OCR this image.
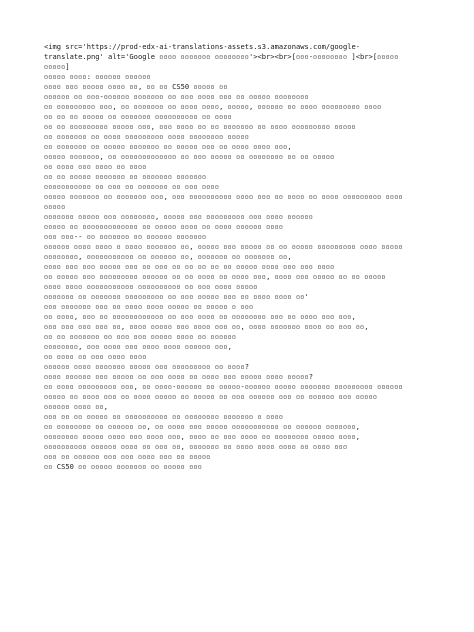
<img src='https://prod-edx-ai-translations-assets.s3.amazonaws.com/google-
translate.png' alt='Google ▫▫▫▫ ▫▫▫▫▫▫▫ ▫▫▫▫▫▫▫▫'><br><br>[▫▫▫-▫▫▫▫▫▫▫▫ ]<br>[▫▫▫▫▫
▫▫▫▫▫]
▫▫▫▫▫ ▫▫▫▫: ▫▫▫▫▫▫ ▫▫▫▫▫▫
▫▫▫▫ ▫▫▫ ▫▫▫▫▫ ▫▫▫▫ ▫▫, ▫▫ ▫▫ CS50 ▫▫▫▫▫ ▫▫
▫▫▫▫▫▫ ▫▫ ▫▫▫-▫▫▫▫▫▫ ▫▫▫▫▫▫▫ ▫▫ ▫▫▫ ▫▫▫▫ ▫▫▫ ▫▫ ▫▫▫▫▫ ▫▫▫▫▫▫▫▫
▫▫ ▫▫▫▫▫▫▫▫▫ ▫▫▫, ▫▫ ▫▫▫▫▫▫▫ ▫▫ ▫▫▫▫ ▫▫▫▫, ▫▫▫▫▫, ▫▫▫▫▫▫ ▫▫ ▫▫▫▫ ▫▫▫▫▫▫▫▫▫ ▫▫▫▫
▫▫ ▫▫ ▫▫ ▫▫▫▫▫ ▫▫ ▫▫▫▫▫▫▫ ▫▫▫▫▫▫▫▫▫▫ ▫▫ ▫▫▫▫
▫▫ ▫▫ ▫▫▫▫▫▫▫▫▫ ▫▫▫▫▫ ▫▫▫, ▫▫▫ ▫▫▫▫ ▫▫ ▫▫ ▫▫▫▫▫▫▫ ▫▫ ▫▫▫▫ ▫▫▫▫▫▫▫▫▫ ▫▫▫▫▫
▫▫ ▫▫▫▫▫▫▫ ▫▫ ▫▫▫▫ ▫▫▫▫▫▫▫▫▫ ▫▫▫▫ ▫▫▫▫▫▫▫▫ ▫▫▫▫▫
▫▫ ▫▫▫▫▫▫▫ ▫▫ ▫▫▫▫▫ ▫▫▫▫▫▫▫ ▫▫ ▫▫▫▫▫ ▫▫▫ ▫▫ ▫▫▫▫ ▫▫▫▫ ▫▫▫,
▫▫▫▫▫ ▫▫▫▫▫▫▫, ▫▫ ▫▫▫▫▫▫▫▫▫▫▫▫▫ ▫▫ ▫▫▫ ▫▫▫▫▫ ▫▫ ▫▫▫▫▫▫▫▫ ▫▫ ▫▫ ▫▫▫▫▫
▫▫ ▫▫▫▫ ▫▫▫ ▫▫▫▫ ▫▫ ▫▫▫▫
▫▫ ▫▫ ▫▫▫▫▫ ▫▫▫▫▫▫▫ ▫▫ ▫▫▫▫▫▫▫ ▫▫▫▫▫▫▫
▫▫▫▫▫▫▫▫▫▫▫ ▫▫ ▫▫▫ ▫▫ ▫▫▫▫▫▫▫ ▫▫ ▫▫▫ ▫▫▫▫
▫▫▫▫▫ ▫▫▫▫▫▫▫ ▫▫ ▫▫▫▫▫▫▫ ▫▫▫, ▫▫▫ ▫▫▫▫▫▫▫▫▫▫ ▫▫▫▫ ▫▫▫ ▫▫ ▫▫▫▫ ▫▫ ▫▫▫▫ ▫▫▫▫▫▫▫▫▫ ▫▫▫▫
▫▫▫▫▫
▫▫▫▫▫▫▫ ▫▫▫▫▫ ▫▫▫ ▫▫▫▫▫▫▫▫, ▫▫▫▫▫ ▫▫▫ ▫▫▫▫▫▫▫▫▫ ▫▫▫ ▫▫▫▫ ▫▫▫▫▫▫
▫▫▫▫▫ ▫▫ ▫▫▫▫▫▫▫▫▫▫▫▫▫ ▫▫ ▫▫▫▫▫ ▫▫▫▫ ▫▫ ▫▫▫▫ ▫▫▫▫▫▫ ▫▫▫▫
▫▫▫ ▫▫▫-- ▫▫ ▫▫▫▫▫▫▫ ▫▫ ▫▫▫▫▫▫ ▫▫▫▫▫▫▫
▫▫▫▫▫▫ ▫▫▫▫ ▫▫▫▫ ▫ ▫▫▫▫ ▫▫▫▫▫▫▫ ▫▫, ▫▫▫▫▫ ▫▫▫ ▫▫▫▫▫ ▫▫ ▫▫ ▫▫▫▫▫ ▫▫▫▫▫▫▫▫▫ ▫▫▫▫ ▫▫▫▫▫
▫▫▫▫▫▫▫▫, ▫▫▫▫▫▫▫▫▫▫▫ ▫▫ ▫▫▫▫▫▫ ▫▫, ▫▫▫▫▫▫▫ ▫▫ ▫▫▫▫▫▫▫ ▫▫,
▫▫▫▫ ▫▫▫ ▫▫▫ ▫▫▫▫▫ ▫▫▫ ▫▫ ▫▫▫ ▫▫ ▫▫ ▫▫ ▫▫ ▫▫ ▫▫▫▫▫ ▫▫▫▫ ▫▫▫ ▫▫▫ ▫▫▫▫
▫▫ ▫▫▫▫▫ ▫▫▫ ▫▫▫▫▫▫▫▫▫ ▫▫▫▫▫▫ ▫▫ ▫▫ ▫▫▫▫ ▫▫ ▫▫▫▫ ▫▫▫, ▫▫▫▫ ▫▫▫ ▫▫▫▫▫ ▫▫ ▫▫ ▫▫▫▫▫
▫▫▫▫ ▫▫▫▫ ▫▫▫▫▫▫▫▫▫▫▫ ▫▫▫▫▫▫▫▫▫▫ ▫▫ ▫▫▫ ▫▫▫▫ ▫▫▫▫▫
▫▫▫▫▫▫▫ ▫▫ ▫▫▫▫▫▫▫ ▫▫▫▫▫▫▫▫▫ ▫▫ ▫▫▫ ▫▫▫▫▫ ▫▫▫ ▫▫ ▫▫▫▫ ▫▫▫▫ ▫▫'
▫▫▫ ▫▫▫▫▫▫▫ ▫▫▫ ▫▫ ▫▫▫▫ ▫▫▫▫ ▫▫▫▫▫ ▫▫ ▫▫▫▫▫ ▫ ▫▫▫
▫▫ ▫▫▫▫, ▫▫▫ ▫▫ ▫▫▫▫▫▫▫▫▫▫▫▫ ▫▫ ▫▫▫ ▫▫▫▫ ▫▫ ▫▫▫▫▫▫▫▫ ▫▫▫ ▫▫ ▫▫▫▫ ▫▫▫ ▫▫▫,
▫▫▫ ▫▫▫ ▫▫▫ ▫▫▫ ▫▫, ▫▫▫▫ ▫▫▫▫▫ ▫▫▫ ▫▫▫▫ ▫▫▫ ▫▫, ▫▫▫▫ ▫▫▫▫▫▫▫ ▫▫▫▫ ▫▫ ▫▫▫ ▫▫,
▫▫ ▫▫ ▫▫▫▫▫▫▫ ▫▫ ▫▫▫ ▫▫▫ ▫▫▫▫▫ ▫▫▫▫ ▫▫ ▫▫▫▫▫▫
▫▫▫▫▫▫▫▫, ▫▫▫ ▫▫▫▫ ▫▫▫ ▫▫▫▫ ▫▫▫▫ ▫▫▫▫▫▫ ▫▫▫,
▫▫ ▫▫▫▫ ▫▫ ▫▫▫ ▫▫▫▫ ▫▫▫▫
▫▫▫▫▫▫ ▫▫▫▫ ▫▫▫▫▫▫▫ ▫▫▫▫▫ ▫▫▫ ▫▫▫▫▫▫▫▫▫ ▫▫ ▫▫▫▫?
▫▫▫▫ ▫▫▫▫▫▫ ▫▫▫ ▫▫▫▫▫ ▫▫ ▫▫▫ ▫▫▫▫ ▫▫ ▫▫▫▫ ▫▫▫ ▫▫▫▫▫ ▫▫▫▫ ▫▫▫▫▫?
▫▫ ▫▫▫▫ ▫▫▫▫▫▫▫▫▫ ▫▫▫, ▫▫ ▫▫▫▫-▫▫▫▫▫▫ ▫▫ ▫▫▫▫▫-▫▫▫▫▫▫ ▫▫▫▫▫ ▫▫▫▫▫▫▫ ▫▫▫▫▫▫▫▫▫ ▫▫▫▫▫▫
▫▫▫▫▫ ▫▫ ▫▫▫▫ ▫▫▫ ▫▫ ▫▫▫▫ ▫▫▫▫▫ ▫▫ ▫▫▫▫▫ ▫▫ ▫▫▫ ▫▫▫▫▫▫ ▫▫▫ ▫▫ ▫▫▫▫▫▫ ▫▫▫ ▫▫▫▫▫
▫▫▫▫▫▫ ▫▫▫▫ ▫▫,
▫▫▫ ▫▫ ▫▫ ▫▫▫▫▫ ▫▫ ▫▫▫▫▫▫▫▫▫▫ ▫▫ ▫▫▫▫▫▫▫▫ ▫▫▫▫▫▫▫ ▫ ▫▫▫▫
▫▫ ▫▫▫▫▫▫▫▫ ▫▫ ▫▫▫▫▫▫ ▫▫, ▫▫ ▫▫▫▫ ▫▫▫ ▫▫▫▫▫ ▫▫▫▫▫▫▫▫▫▫▫ ▫▫ ▫▫▫▫▫▫ ▫▫▫▫▫▫▫,
▫▫▫▫▫▫▫▫ ▫▫▫▫▫ ▫▫▫▫ ▫▫▫ ▫▫▫▫ ▫▫▫, ▫▫▫▫ ▫▫ ▫▫▫ ▫▫▫▫ ▫▫ ▫▫▫▫▫▫▫▫ ▫▫▫▫▫ ▫▫▫▫,
▫▫▫▫▫▫▫▫▫▫ ▫▫▫▫▫▫ ▫▫▫▫ ▫▫ ▫▫▫ ▫▫, ▫▫▫▫▫▫▫ ▫▫ ▫▫▫▫ ▫▫▫▫ ▫▫▫▫ ▫▫ ▫▫▫▫ ▫▫▫
▫▫▫ ▫▫ ▫▫▫▫▫▫ ▫▫▫ ▫▫▫ ▫▫▫▫ ▫▫▫ ▫▫ ▫▫▫▫▫
▫▫ CS50 ▫▫ ▫▫▫▫▫ ▫▫▫▫▫▫▫ ▫▫ ▫▫▫▫▫ ▫▫▫
